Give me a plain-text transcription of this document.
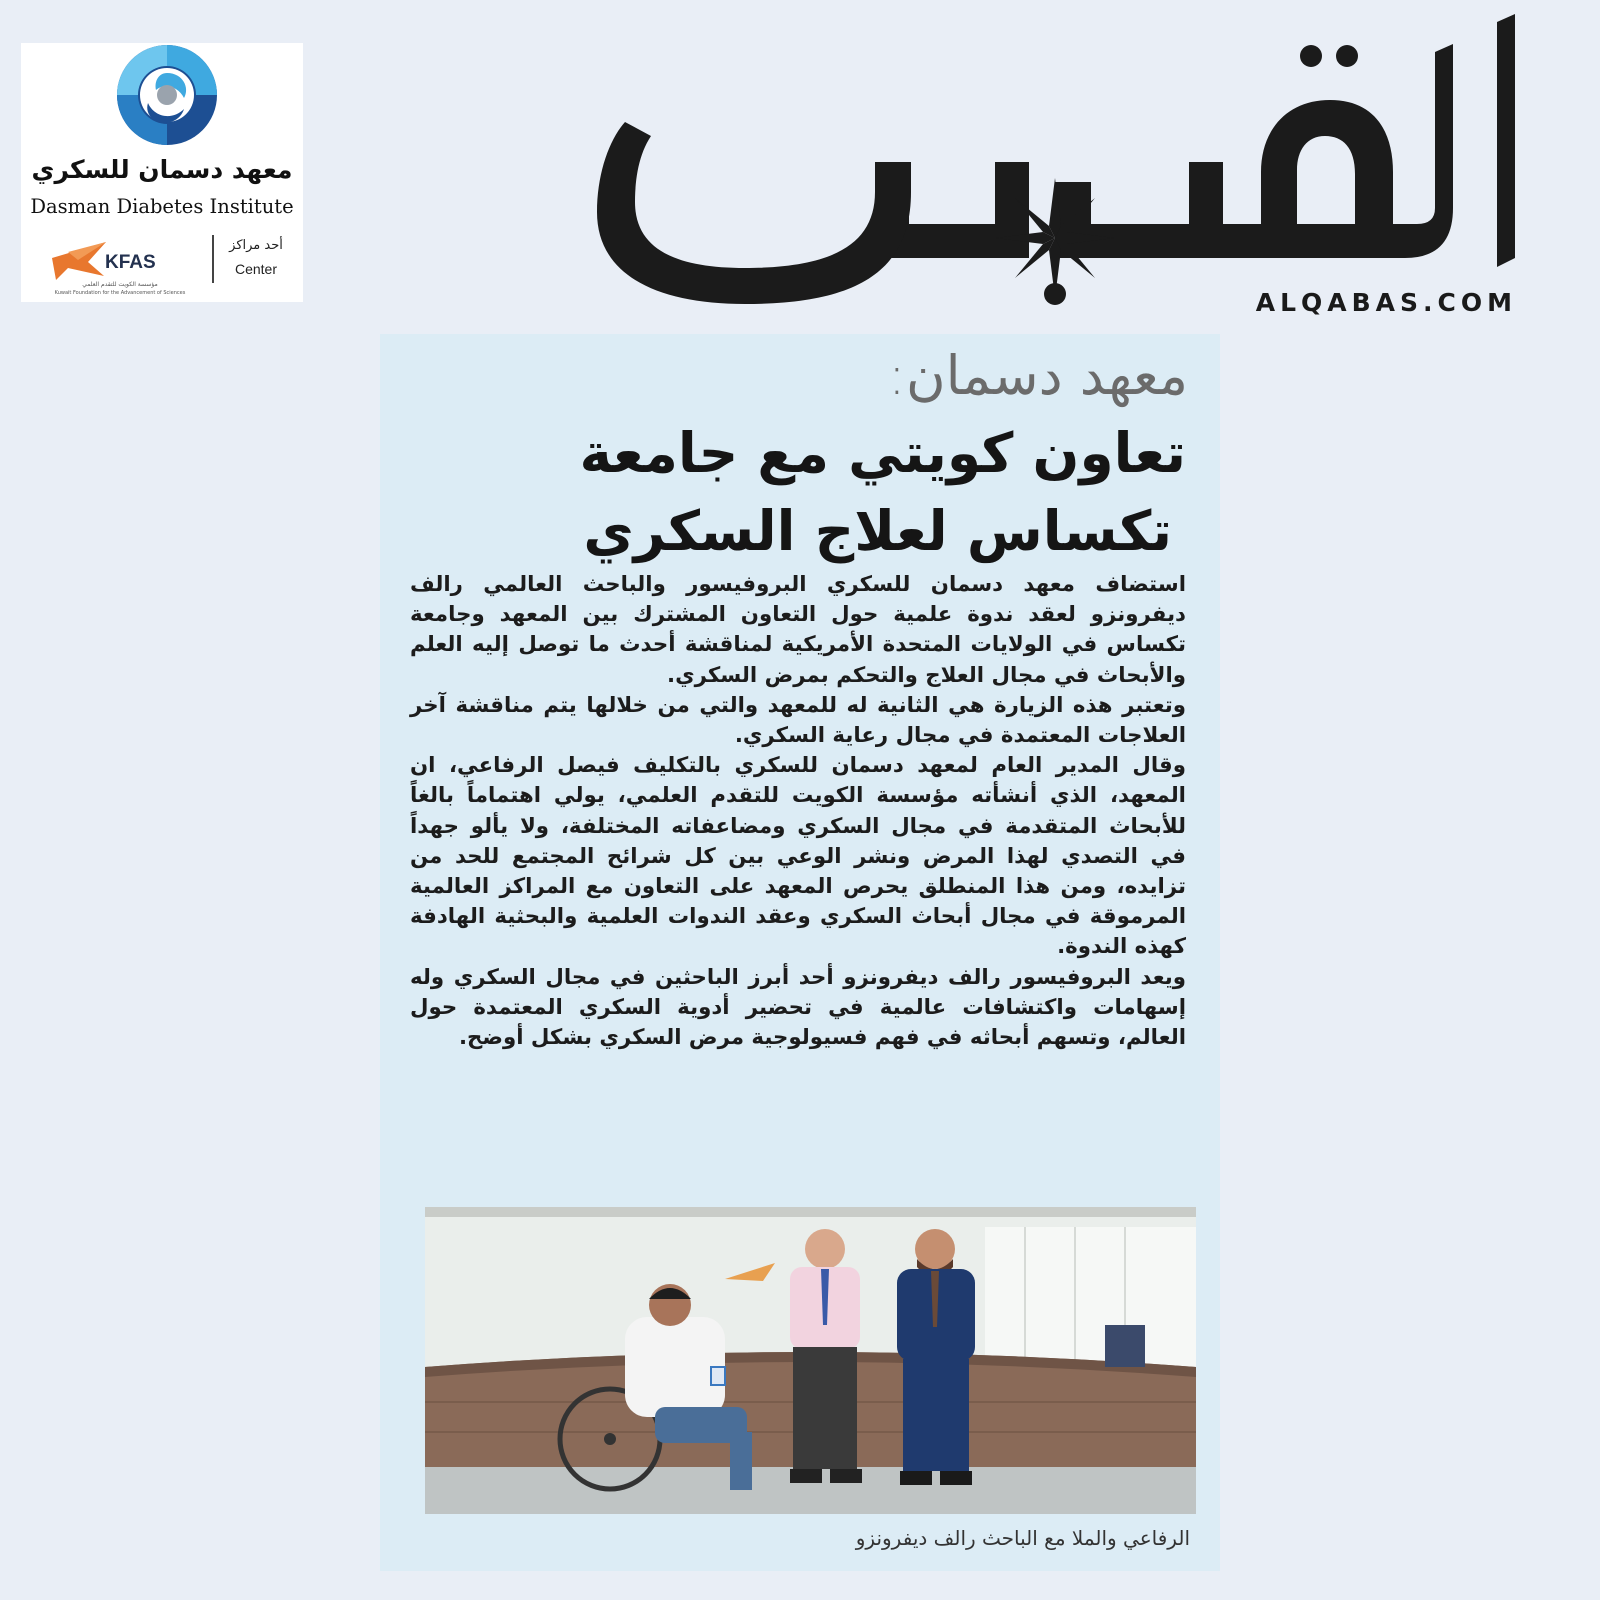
معهد دسمان للسكري
Dasman Diabetes Institute
KFAS
مؤسسة الكويت للتقدم العلمي
Kuwait Foundation for the Advancement of Sciences
أحد مراكز
Center
ALQABAS.COM
معهد دسمان:
تعاون كويتي مع جامعة
تكساس لعلاج السكري

استضاف معهد دسمان للسكري البروفيسور والباحث العالمي رالف ديفرونزو لعقد ندوة علمية حول التعاون المشترك بين المعهد وجامعة تكساس في الولايات المتحدة الأمريكية لمناقشة أحدث ما توصل إليه العلم والأبحاث في مجال العلاج والتحكم بمرض السكري.

وتعتبر هذه الزيارة هي الثانية له للمعهد والتي من خلالها يتم مناقشة آخر العلاجات المعتمدة في مجال رعاية السكري.

وقال المدير العام لمعهد دسمان للسكري بالتكليف فيصل الرفاعي، ان المعهد، الذي أنشأته مؤسسة الكويت للتقدم العلمي، يولي اهتماماً بالغاً للأبحاث المتقدمة في مجال السكري ومضاعفاته المختلفة، ولا يألو جهداً في التصدي لهذا المرض ونشر الوعي بين كل شرائح المجتمع للحد من تزايده، ومن هذا المنطلق يحرص المعهد على التعاون مع المراكز العالمية المرموقة في مجال أبحاث السكري وعقد الندوات العلمية والبحثية الهادفة كهذه الندوة.

ويعد البروفيسور رالف ديفرونزو أحد أبرز الباحثين في مجال السكري وله إسهامات واكتشافات عالمية في تحضير أدوية السكري المعتمدة حول العالم، وتسهم أبحاثه في فهم فسيولوجية مرض السكري بشكل أوضح.

الرفاعي والملا مع الباحث رالف ديفرونزو
